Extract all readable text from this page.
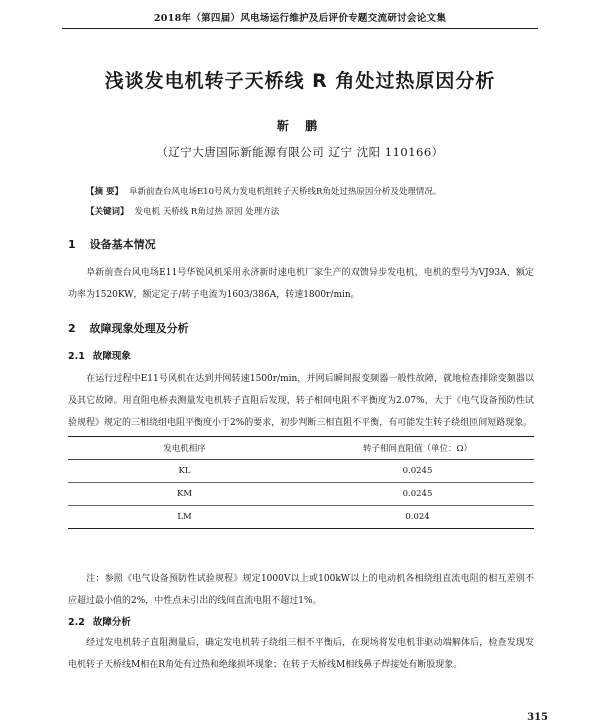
2018年（第四届）风电场运行维护及后评价专题交流研讨会论文集
浅谈发电机转子天桥线 R 角处过热原因分析
靳 鹏
（辽宁大唐国际新能源有限公司 辽宁 沈阳 110166）
【摘 要】 阜新前查台风电场E10号风力发电机组转子天桥线R角处过热原因分析及处理情况。
【关键词】 发电机 天桥线 R角过热 原因 处理方法
1 设备基本情况
阜新前查台风电场E11号华锐风机采用永济新时速电机厂家生产的双馈异步发电机，电机的型号为VJ93A，额定功率为1520KW，额定定子/转子电流为1603/386A，转速1800r/min。
2 故障现象处理及分析
2.1 故障现象
在运行过程中E11号风机在达到并网转速1500r/min，并网后瞬间报变频器一般性故障，就地检查排除变频器以及其它故障。用直阻电桥表测量发电机转子直阻后发现，转子相间电阻不平衡度为2.07%，大于《电气设备预防性试验规程》规定的三相绕组电阻平衡度小于2%的要求，初步判断三相直阻不平衡，有可能发生转子绕组匝间短路现象。
发电机相序	转子相间直阻值（单位：Ω）
KL	0.0245
KM	0.0245
LM	0.024
注：参照《电气设备预防性试验规程》规定1000V以上或100kW以上的电动机各相绕组直流电阻的相互差别不应超过最小值的2%，中性点未引出的线间直流电阻不超过1%。
2.2 故障分析
经过发电机转子直阻测量后，确定发电机转子绕组三相不平衡后，在现场将发电机非驱动端解体后，检查发现发电机转子天桥线M相在R角处有过热和绝缘损坏现象；在转子天桥线M相线鼻子焊接处有断股现象。
315
